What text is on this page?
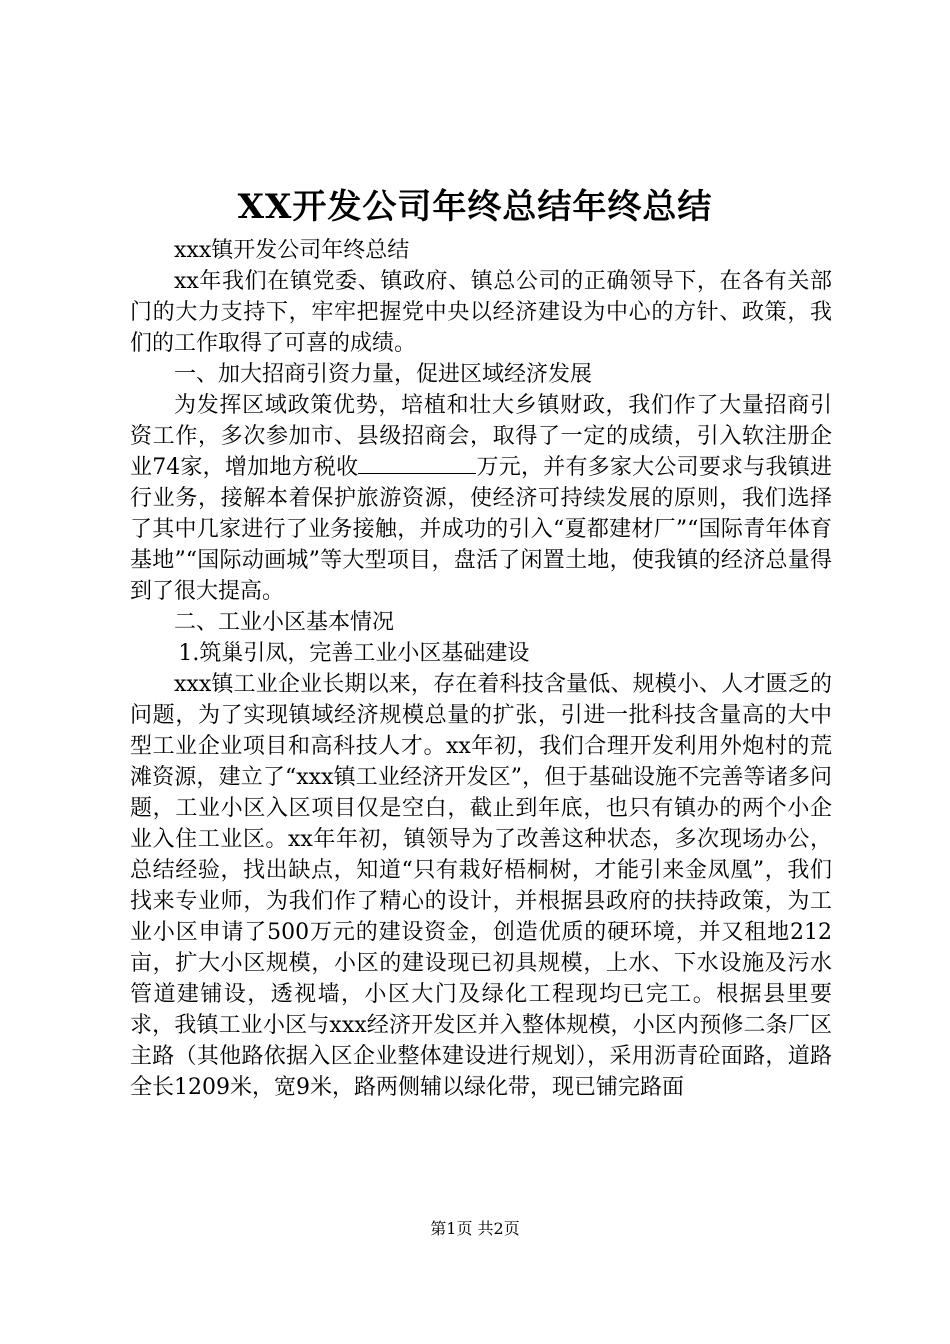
XX开发公司年终总结年终总结

xxx镇开发公司年终总结

xx年我们在镇党委、镇政府、镇总公司的正确领导下，在各有关部门的大力支持下，牢牢把握党中央以经济建设为中心的方针、政策，我们的工作取得了可喜的成绩。

一、加大招商引资力量，促进区域经济发展

为发挥区域政策优势，培植和壮大乡镇财政，我们作了大量招商引资工作，多次参加市、县级招商会，取得了一定的成绩，引入软注册企业74家，增加地方税收	万元，并有多家大公司要求与我镇进行业务，接解本着保护旅游资源，使经济可持续发展的原则，我们选择了其中几家进行了业务接触，并成功的引入“夏都建材厂”“国际青年体育基地”“国际动画城”等大型项目，盘活了闲置土地，使我镇的经济总量得到了很大提高。

二、工业小区基本情况

1.筑巢引凤，完善工业小区基础建设

xxx镇工业企业长期以来，存在着科技含量低、规模小、人才匮乏的问题，为了实现镇域经济规模总量的扩张，引进一批科技含量高的大中型工业企业项目和高科技人才。xx年初，我们合理开发利用外炮村的荒滩资源，建立了“xxx镇工业经济开发区”，但于基础设施不完善等诸多问题，工业小区入区项目仅是空白，截止到年底，也只有镇办的两个小企业入住工业区。xx年年初，镇领导为了改善这种状态，多次现场办公，总结经验，找出缺点，知道“只有栽好梧桐树，才能引来金凤凰”，我们找来专业师，为我们作了精心的设计，并根据县政府的扶持政策，为工业小区申请了500万元的建设资金，创造优质的硬环境，并又租地212亩，扩大小区规模，小区的建设现已初具规模，上水、下水设施及污水管道建铺设，透视墙，小区大门及绿化工程现均已完工。根据县里要求，我镇工业小区与xxx经济开发区并入整体规模，小区内预修二条厂区主路（其他路依据入区企业整体建设进行规划），采用沥青砼面路，道路全长1209米，宽9米，路两侧辅以绿化带，现已铺完路面

第1页 共2页
